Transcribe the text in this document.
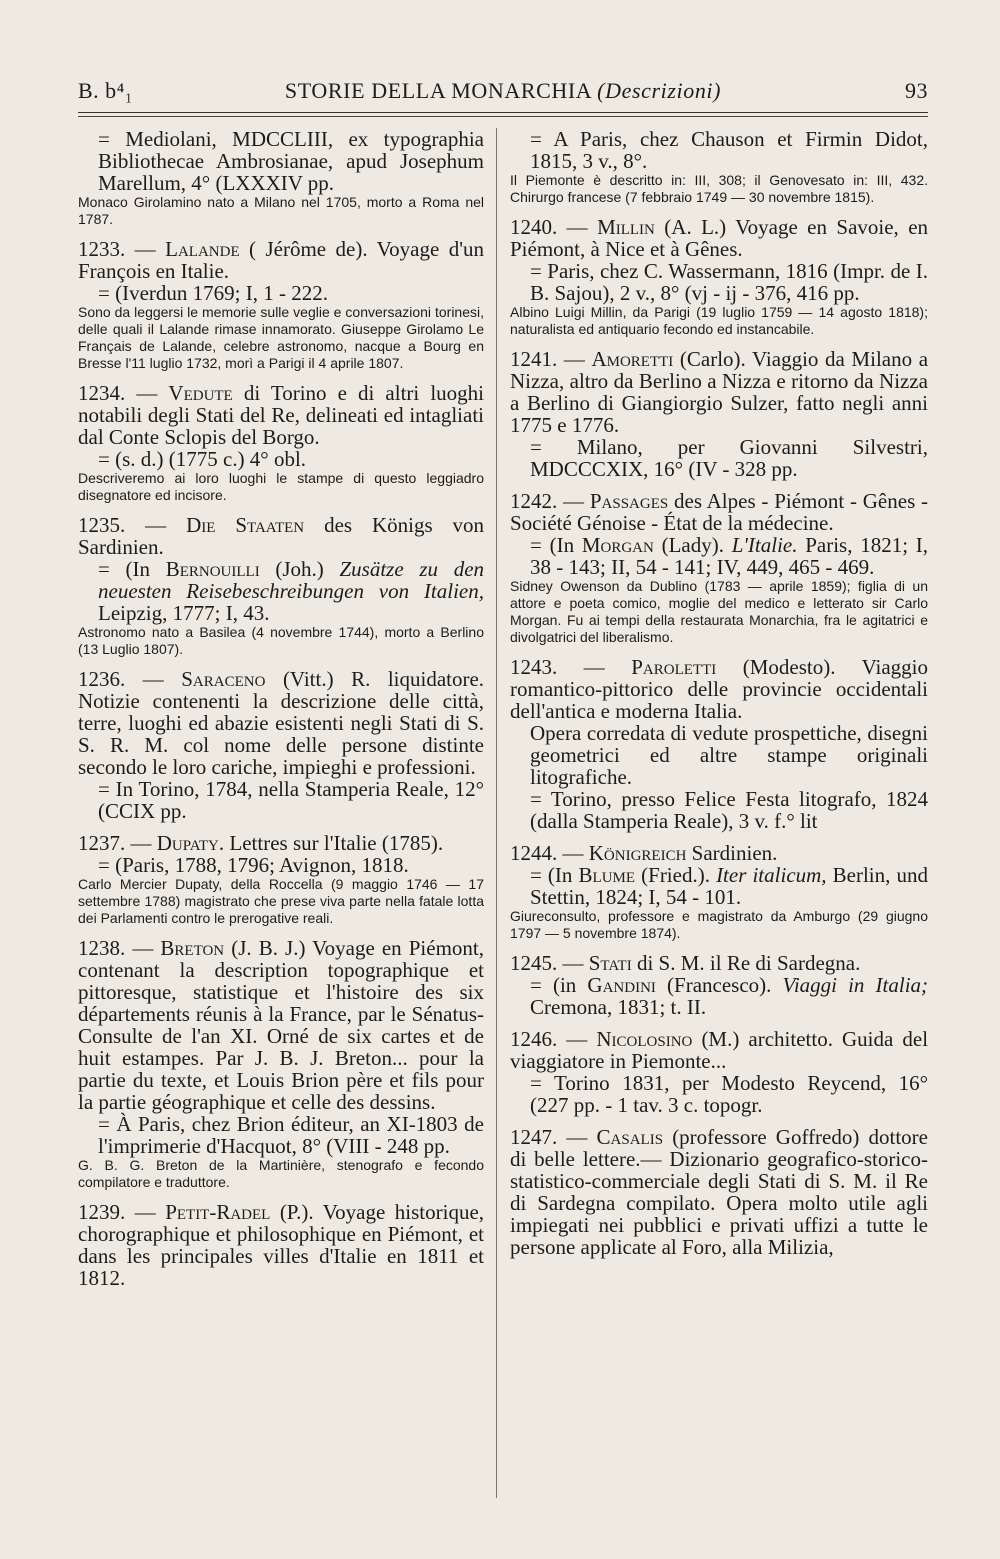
B. b⁴₁	STORIE DELLA MONARCHIA (Descrizioni)	93

= Mediolani, MDCCLIII, ex typographia Bibliothecae Ambrosianae, apud Josephum Marellum, 4° (LXXXIV pp.

Monaco Girolamino nato a Milano nel 1705, morto a Roma nel 1787.

1233. — Lalande ( Jérôme de). Voyage d'un François en Italie.

= (Iverdun 1769; I, 1 - 222.

Sono da leggersi le memorie sulle veglie e conversazioni torinesi, delle quali il Lalande rimase innamorato. Giuseppe Girolamo Le Français de Lalande, celebre astronomo, nacque a Bourg en Bresse l'11 luglio 1732, morì a Parigi il 4 aprile 1807.

1234. — Vedute di Torino e di altri luoghi notabili degli Stati del Re, delineati ed intagliati dal Conte Sclopis del Borgo.

= (s. d.) (1775 c.) 4° obl.

Descriveremo ai loro luoghi le stampe di questo leggiadro disegnatore ed incisore.

1235. — Die Staaten des Königs von Sardinien.

= (In Bernouilli (Joh.) Zusätze zu den neuesten Reisebeschreibungen von Italien, Leipzig, 1777; I, 43.

Astronomo nato a Basilea (4 novembre 1744), morto a Berlino (13 Luglio 1807).

1236. — Saraceno (Vitt.) R. liquidatore. Notizie contenenti la descrizione delle città, terre, luoghi ed abazie esistenti negli Stati di S. S. R. M. col nome delle persone distinte secondo le loro cariche, impieghi e professioni.

= In Torino, 1784, nella Stamperia Reale, 12° (CCIX pp.

1237. — Dupaty. Lettres sur l'Italie (1785).

= (Paris, 1788, 1796; Avignon, 1818.

Carlo Mercier Dupaty, della Roccella (9 maggio 1746 — 17 settembre 1788) magistrato che prese viva parte nella fatale lotta dei Parlamenti contro le prerogative reali.

1238. — Breton (J. B. J.) Voyage en Piémont, contenant la description topographique et pittoresque, statistique et l'histoire des six départements réunis à la France, par le Sénatus-Consulte de l'an XI. Orné de six cartes et de huit estampes. Par J. B. J. Breton... pour la partie du texte, et Louis Brion père et fils pour la partie géographique et celle des dessins.

= À Paris, chez Brion éditeur, an XI-1803 de l'imprimerie d'Hacquot, 8° (VIII - 248 pp.

G. B. G. Breton de la Martinière, stenografo e fecondo compilatore e traduttore.

1239. — Petit-Radel (P.). Voyage historique, chorographique et philosophique en Piémont, et dans les principales villes d'Italie en 1811 et 1812.

= A Paris, chez Chauson et Firmin Didot, 1815, 3 v., 8°.

Il Piemonte è descritto in: III, 308; il Genovesato in: III, 432. Chirurgo francese (7 febbraio 1749 — 30 novembre 1815).

1240. — Millin (A. L.) Voyage en Savoie, en Piémont, à Nice et à Gênes.

= Paris, chez C. Wassermann, 1816 (Impr. de I. B. Sajou), 2 v., 8° (vj - ij - 376, 416 pp.

Albino Luigi Millin, da Parigi (19 luglio 1759 — 14 agosto 1818); naturalista ed antiquario fecondo ed instancabile.

1241. — Amoretti (Carlo). Viaggio da Milano a Nizza, altro da Berlino a Nizza e ritorno da Nizza a Berlino di Giangiorgio Sulzer, fatto negli anni 1775 e 1776.

= Milano, per Giovanni Silvestri, MDCCCXIX, 16° (IV - 328 pp.

1242. — Passages des Alpes - Piémont - Gênes - Société Génoise - État de la médecine.

= (In Morgan (Lady). L'Italie. Paris, 1821; I, 38 - 143; II, 54 - 141; IV, 449, 465 - 469.

Sidney Owenson da Dublino (1783 — aprile 1859); figlia di un attore e poeta comico, moglie del medico e letterato sir Carlo Morgan. Fu ai tempi della restaurata Monarchia, fra le agitatrici e divolgatrici del liberalismo.

1243. — Paroletti (Modesto). Viaggio romantico-pittorico delle provincie occidentali dell'antica e moderna Italia.

Opera corredata di vedute prospettiche, disegni geometrici ed altre stampe originali litografiche.

= Torino, presso Felice Festa litografo, 1824 (dalla Stamperia Reale), 3 v. f.° lit

1244. — Königreich Sardinien.

= (In Blume (Fried.). Iter italicum, Berlin, und Stettin, 1824; I, 54 - 101.

Giureconsulto, professore e magistrato da Amburgo (29 giugno 1797 — 5 novembre 1874).

1245. — Stati di S. M. il Re di Sardegna.

= (in Gandini (Francesco). Viaggi in Italia; Cremona, 1831; t. II.

1246. — Nicolosino (M.) architetto. Guida del viaggiatore in Piemonte...

= Torino 1831, per Modesto Reycend, 16° (227 pp. - 1 tav. 3 c. topogr.

1247. — Casalis (professore Goffredo) dottore di belle lettere.— Dizionario geografico-storico-statistico-commerciale degli Stati di S. M. il Re di Sardegna compilato. Opera molto utile agli impiegati nei pubblici e privati uffizi a tutte le persone applicate al Foro, alla Milizia,
